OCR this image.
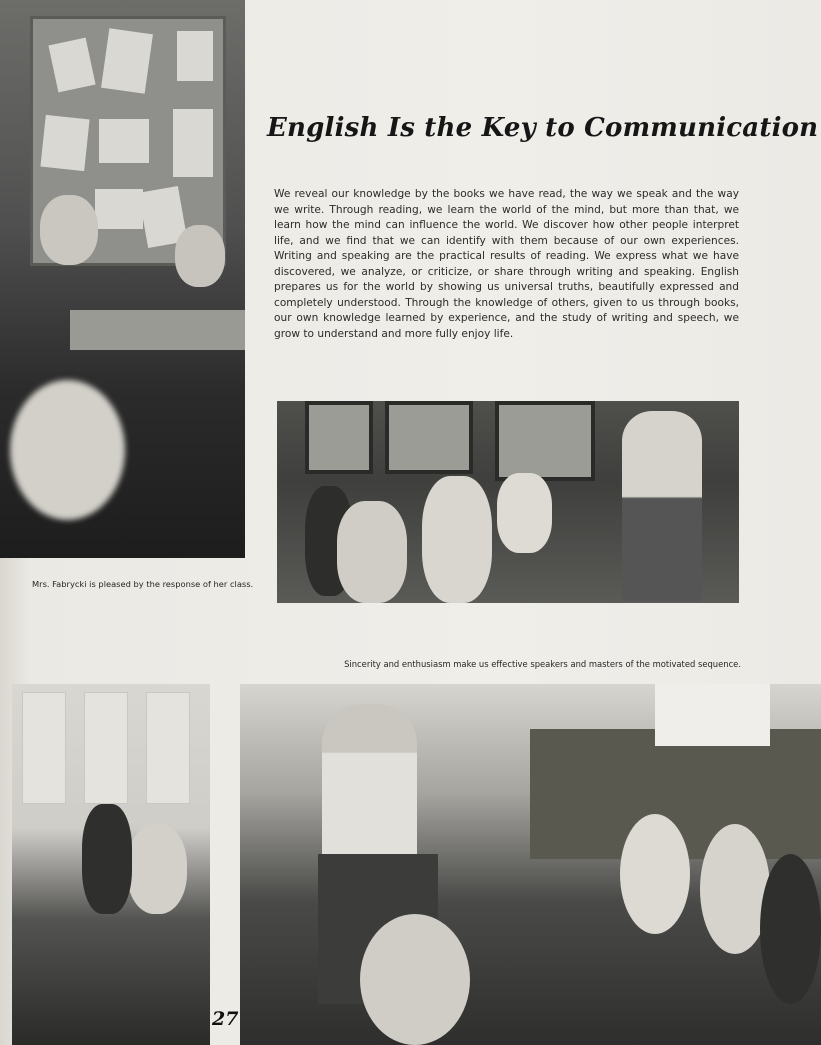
English Is the Key to Communication
We reveal our knowledge by the books we have read, the way we speak and the way we write. Through reading, we learn the world of the mind, but more than that, we learn how the mind can influence the world. We discover how other people interpret life, and we find that we can identify with them because of our own experiences. Writing and speaking are the practical results of reading. We express what we have discovered, we analyze, or criticize, or share through writing and speaking. English prepares us for the world by showing us universal truths, beautifully expressed and completely understood. Through the knowledge of others, given to us through books, our own knowledge learned by experience, and the study of writing and speech, we grow to understand and more fully enjoy life.
Mrs. Fabrycki is pleased by the response of her class.
Sincerity and enthusiasm make us effective speakers and masters of the motivated sequence.
27
